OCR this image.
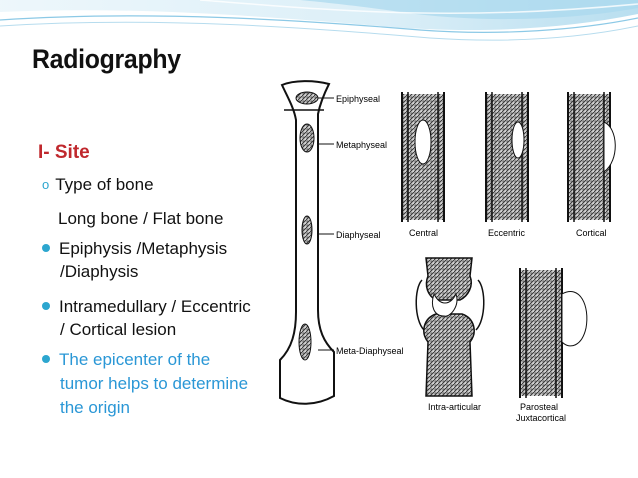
Radiography
Epiphyseal
Metaphyseal
Diaphyseal
Meta-Diaphyseal
Central	Eccentric	Cortical
Intra-articular	Parosteal
Juxtacortical

I- Site

o Type of bone

Long bone / Flat bone

Epiphysis /Metaphysis

/Diaphysis

Intramedullary / Eccentric

/ Cortical lesion

The epicenter of the

tumor helps to determine

the origin
